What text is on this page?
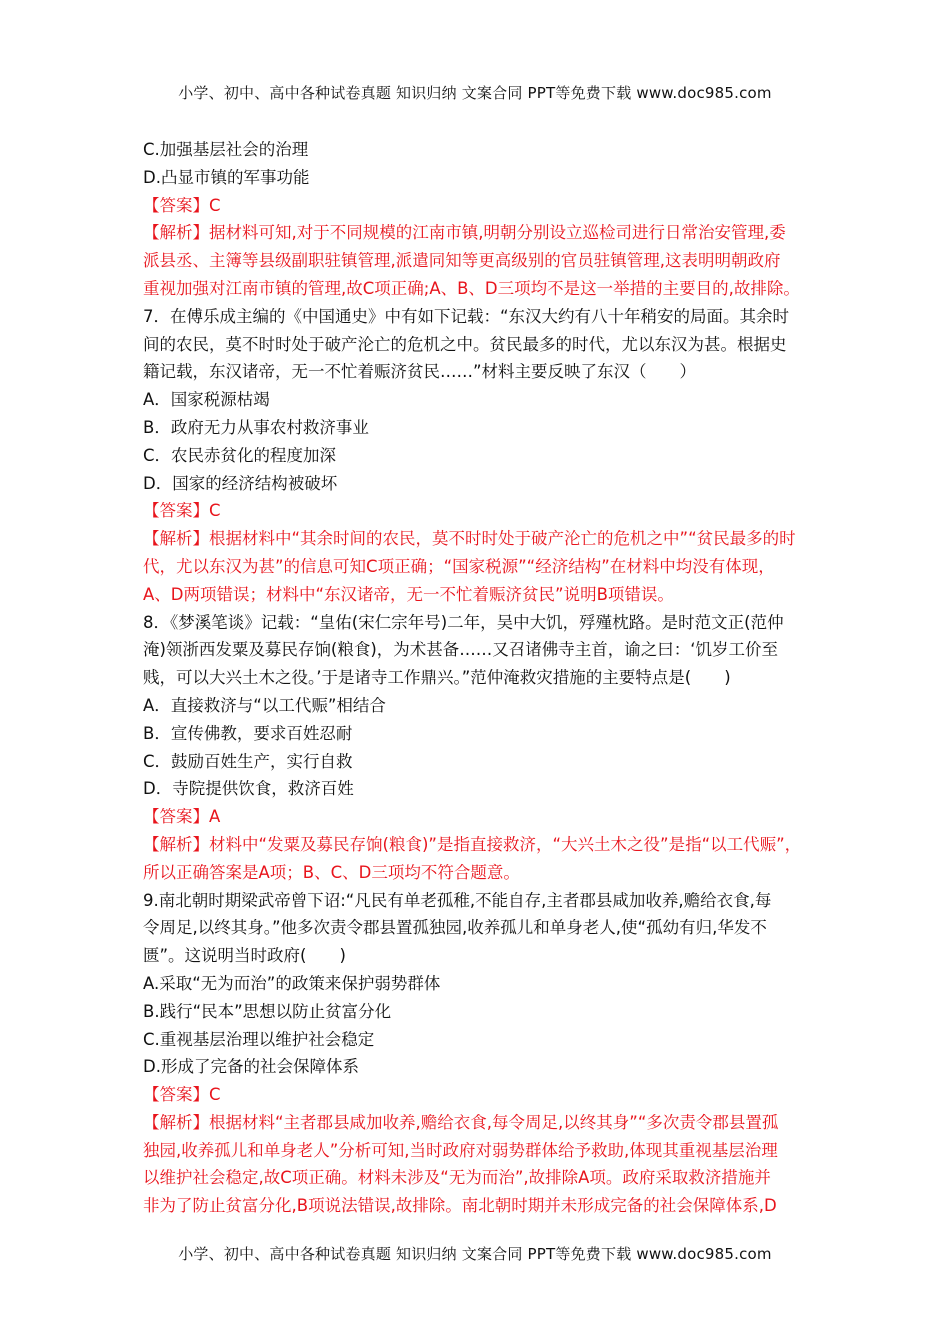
小学、初中、高中各种试卷真题 知识归纳 文案合同 PPT等免费下载 www.doc985.com
C.加强基层社会的治理
D.凸显市镇的军事功能
【答案】C
【解析】据材料可知,对于不同规模的江南市镇,明朝分别设立巡检司进行日常治安管理,委
派县丞、主簿等县级副职驻镇管理,派遣同知等更高级别的官员驻镇管理,这表明明朝政府
重视加强对江南市镇的管理,故C项正确;A、B、D三项均不是这一举措的主要目的,故排除。
7．在傅乐成主编的《中国通史》中有如下记载：“东汉大约有八十年稍安的局面。其余时
间的农民，莫不时时处于破产沦亡的危机之中。贫民最多的时代，尤以东汉为甚。根据史
籍记载，东汉诸帝，无一不忙着赈济贫民……”材料主要反映了东汉（　　）
A．国家税源枯竭
B．政府无力从事农村救济事业
C．农民赤贫化的程度加深
D．国家的经济结构被破坏
【答案】C
【解析】根据材料中“其余时间的农民，莫不时时处于破产沦亡的危机之中”“贫民最多的时
代，尤以东汉为甚”的信息可知C项正确；“国家税源”“经济结构”在材料中均没有体现，
A、D两项错误；材料中“东汉诸帝，无一不忙着赈济贫民”说明B项错误。
8．《梦溪笔谈》记载：“皇佑(宋仁宗年号)二年，吴中大饥，殍殣枕路。是时范文正(范仲
淹)领浙西发粟及募民存饷(粮食)，为术甚备……又召诸佛寺主首，谕之曰：‘饥岁工价至
贱，可以大兴土木之役。’于是诸寺工作鼎兴。”范仲淹救灾措施的主要特点是(　　)
A．直接救济与“以工代赈”相结合
B．宣传佛教，要求百姓忍耐
C．鼓励百姓生产，实行自救
D．寺院提供饮食，救济百姓
【答案】A
【解析】材料中“发粟及募民存饷(粮食)”是指直接救济，“大兴土木之役”是指“以工代赈”，
所以正确答案是A项；B、C、D三项均不符合题意。
9.南北朝时期梁武帝曾下诏:“凡民有单老孤稚,不能自存,主者郡县咸加收养,赡给衣食,每
令周足,以终其身。”他多次责令郡县置孤独园,收养孤儿和单身老人,使“孤幼有归,华发不
匮”。这说明当时政府(　　)
A.采取“无为而治”的政策来保护弱势群体
B.践行“民本”思想以防止贫富分化
C.重视基层治理以维护社会稳定
D.形成了完备的社会保障体系
【答案】C
【解析】根据材料“主者郡县咸加收养,赡给衣食,每令周足,以终其身”“多次责令郡县置孤
独园,收养孤儿和单身老人”分析可知,当时政府对弱势群体给予救助,体现其重视基层治理
以维护社会稳定,故C项正确。材料未涉及“无为而治”,故排除A项。政府采取救济措施并
非为了防止贫富分化,B项说法错误,故排除。南北朝时期并未形成完备的社会保障体系,D
小学、初中、高中各种试卷真题 知识归纳 文案合同 PPT等免费下载 www.doc985.com
